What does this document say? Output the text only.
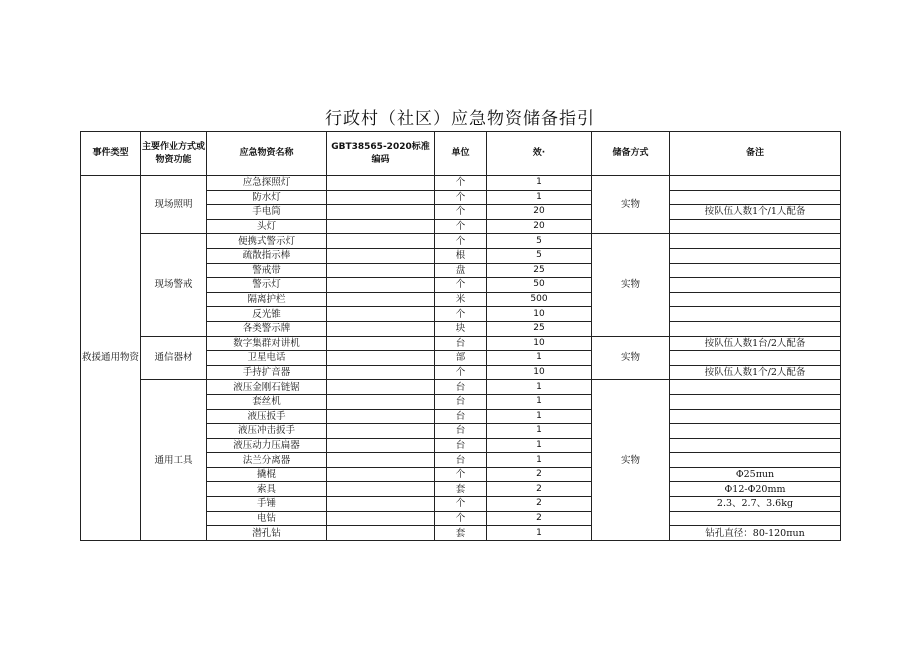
行政村（社区）应急物资储备指引
事件类型	主要作业方式或物资功能	应急物资名称	GBT38565-2020标准编码	单位	效·	储备方式	备注
救援通用物资	现场照明	应急探照灯		个	1	实物	
		防水灯		个	1		
		手电筒		个	20		按队伍人数1个/1人配备
		头灯		个	20		
	现场警戒	便携式警示灯		个	5	实物	
		疏散指示棒		根	5		
		警戒带		盘	25		
		警示灯		个	50		
		隔离护栏		米	500		
		反光锥		个	10		
		各类警示牌		块	25		
	通信器材	数字集群对讲机		台	10	实物	按队伍人数1台/2人配备
		卫星电话		部	1		
		手持扩音器		个	10		按队伍人数1个/2人配备
	通用工具	液压金刚石链锯		台	1	实物	
		套丝机		台	1		
		液压扳手		台	1		
		液压冲击扳手		台	1		
		液压动力压扁器		台	1		
		法兰分离器		台	1		
		撬棍		个	2		Φ25πun
		索具		套	2		Φ12-Φ20mm
		手锤		个	2		2.3、2.7、3.6kg
		电钻		个	2		
		潜孔钻		套	1		钻孔直径：80-120πun
